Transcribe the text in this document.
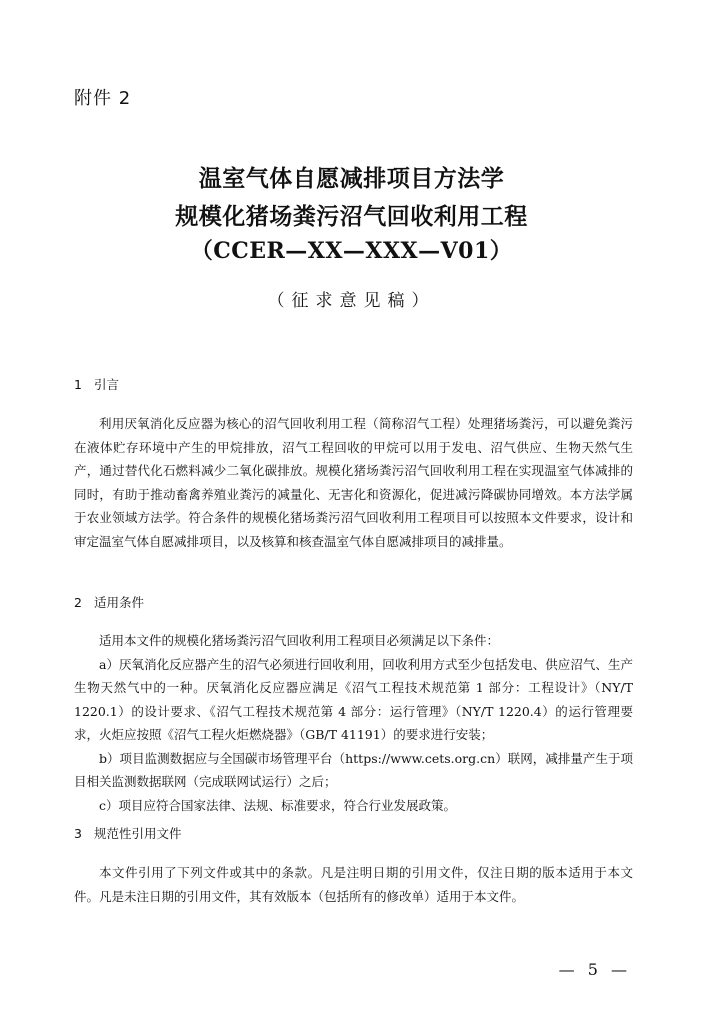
附件 2
温室气体自愿减排项目方法学
规模化猪场粪污沼气回收利用工程
（CCER—XX—XXX—V01）
（征求意见稿）
1 引言

利用厌氧消化反应器为核心的沼气回收利用工程（简称沼气工程）处理猪场粪污，可以避免粪污在液体贮存环境中产生的甲烷排放，沼气工程回收的甲烷可以用于发电、沼气供应、生物天然气生产，通过替代化石燃料减少二氧化碳排放。规模化猪场粪污沼气回收利用工程在实现温室气体减排的同时，有助于推动畜禽养殖业粪污的减量化、无害化和资源化，促进减污降碳协同增效。本方法学属于农业领域方法学。符合条件的规模化猪场粪污沼气回收利用工程项目可以按照本文件要求，设计和审定温室气体自愿减排项目，以及核算和核查温室气体自愿减排项目的减排量。

2 适用条件

适用本文件的规模化猪场粪污沼气回收利用工程项目必须满足以下条件：

a）厌氧消化反应器产生的沼气必须进行回收利用，回收利用方式至少包括发电、供应沼气、生产生物天然气中的一种。厌氧消化反应器应满足《沼气工程技术规范第 1 部分：工程设计》（NY/T 1220.1）的设计要求、《沼气工程技术规范第 4 部分：运行管理》（NY/T 1220.4）的运行管理要求，火炬应按照《沼气工程火炬燃烧器》（GB/T 41191）的要求进行安装；

b）项目监测数据应与全国碳市场管理平台（https://www.cets.org.cn）联网，减排量产生于项目相关监测数据联网（完成联网试运行）之后；

c）项目应符合国家法律、法规、标准要求，符合行业发展政策。

3 规范性引用文件

本文件引用了下列文件或其中的条款。凡是注明日期的引用文件，仅注日期的版本适用于本文件。凡是未注日期的引用文件，其有效版本（包括所有的修改单）适用于本文件。

— 5 —
